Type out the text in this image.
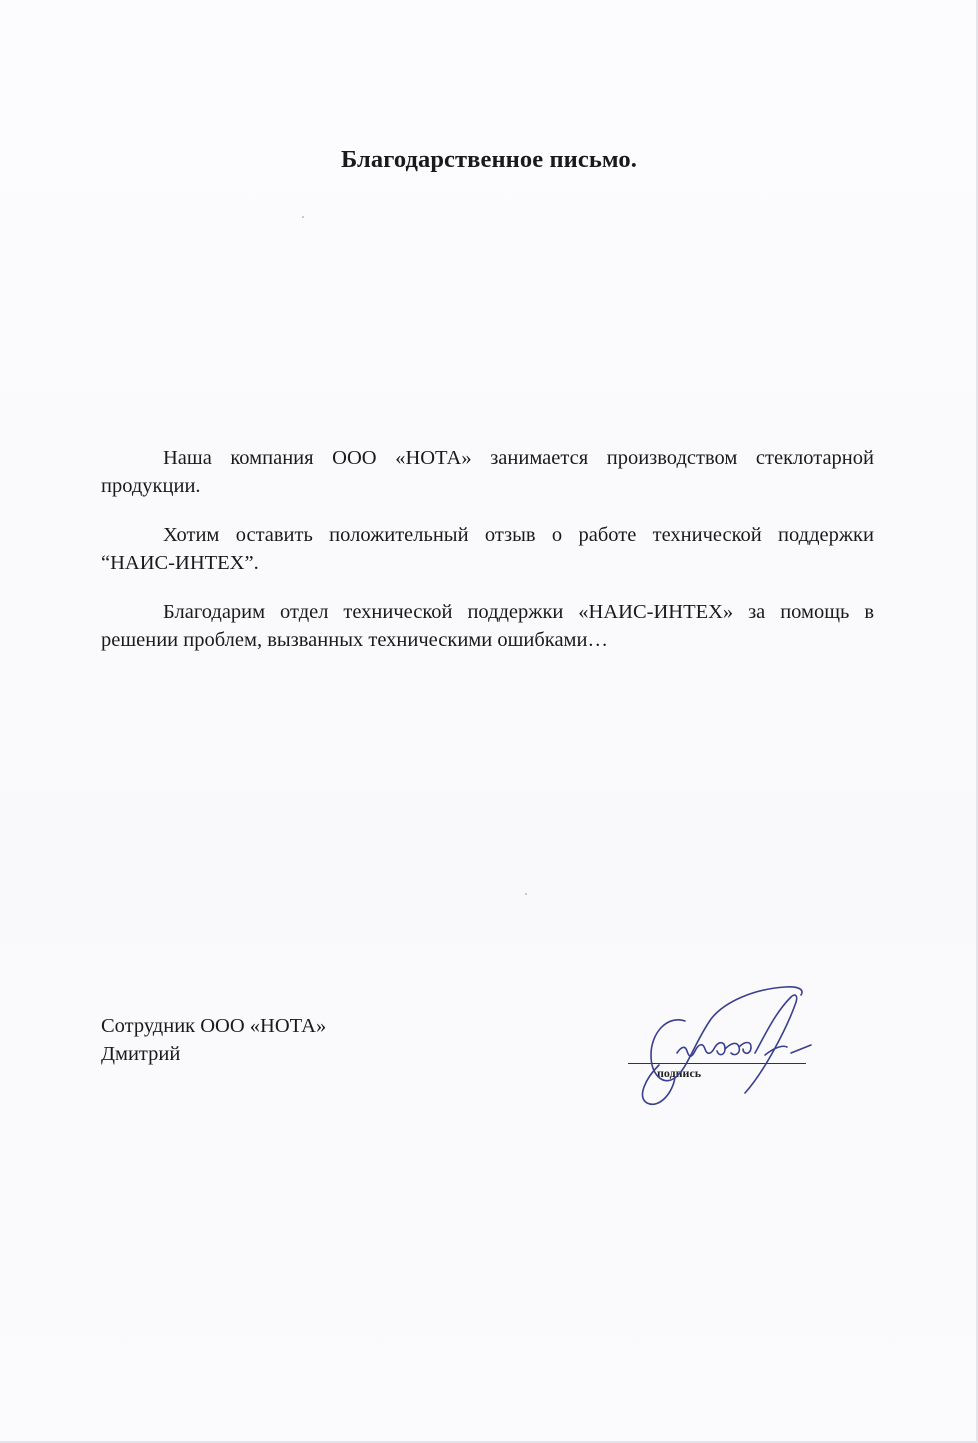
Благодарственное письмо.

Наша компания ООО «НОТА» занимается производством стеклотарной продукции.

Хотим оставить положительный отзыв о работе технической поддержки “НАИС-ИНТЕХ”.

Благодарим отдел технической поддержки «НАИС-ИНТЕХ» за помощь в решении проблем, вызванных техническими ошибками…

Сотрудник ООО «НОТА»
Дмитрий
подпись
